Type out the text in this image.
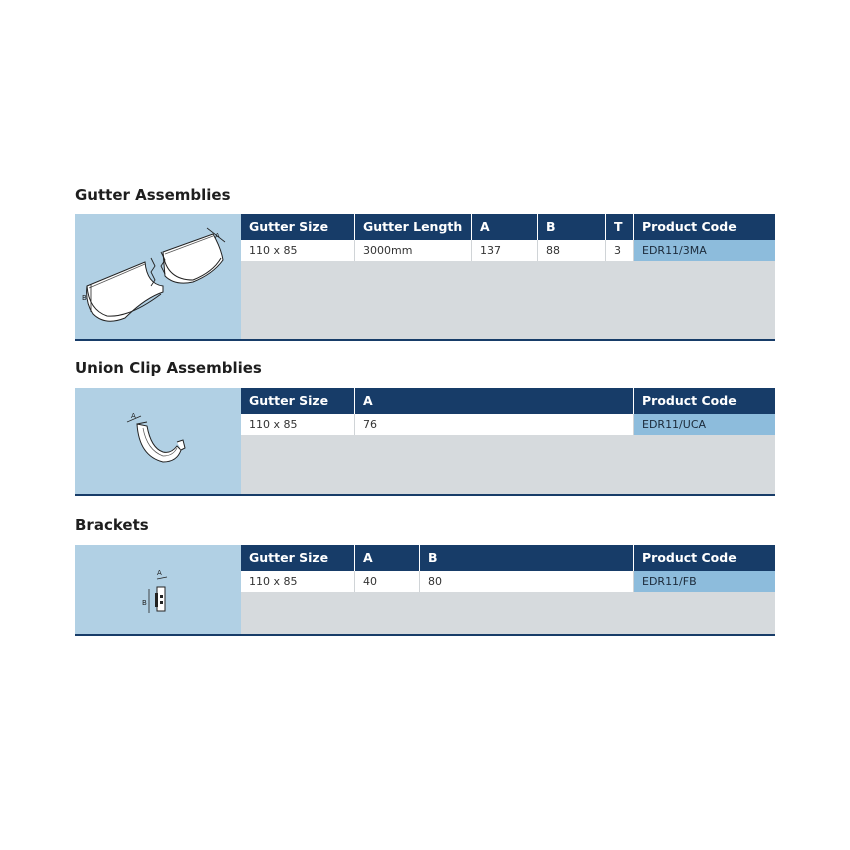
Gutter Assemblies
A
B
Gutter Size	Gutter Length	A	B	T	Product Code
110 x 85	3000mm	137	88	3	EDR11/3MA
Union Clip Assemblies
A
Gutter Size	A	Product Code
110 x 85	76	EDR11/UCA
Brackets
A
B
Gutter Size	A	B	Product Code
110 x 85	40	80	EDR11/FB
